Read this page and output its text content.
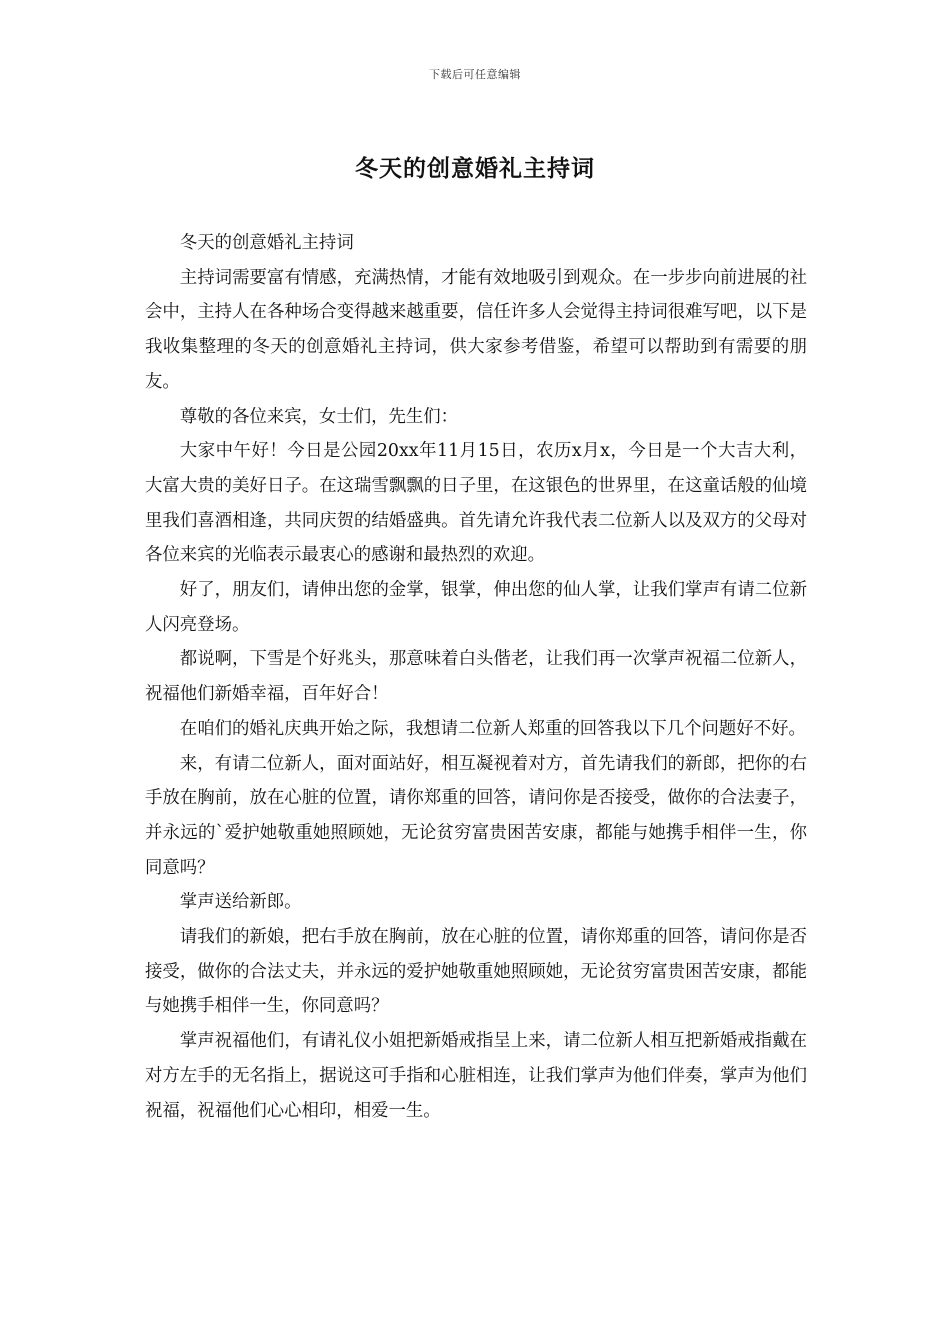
下载后可任意编辑
冬天的创意婚礼主持词

冬天的创意婚礼主持词

主持词需要富有情感，充满热情，才能有效地吸引到观众。在一步步向前进展的社会中，主持人在各种场合变得越来越重要，信任许多人会觉得主持词很难写吧，以下是我收集整理的冬天的创意婚礼主持词，供大家参考借鉴，希望可以帮助到有需要的朋友。

尊敬的各位来宾，女士们，先生们：

大家中午好！今日是公园20xx年11月15日，农历x月x，今日是一个大吉大利，大富大贵的美好日子。在这瑞雪飘飘的日子里，在这银色的世界里，在这童话般的仙境里我们喜酒相逢，共同庆贺的结婚盛典。首先请允许我代表二位新人以及双方的父母对各位来宾的光临表示最衷心的感谢和最热烈的欢迎。

好了，朋友们，请伸出您的金掌，银掌，伸出您的仙人掌，让我们掌声有请二位新人闪亮登场。

都说啊，下雪是个好兆头，那意味着白头偕老，让我们再一次掌声祝福二位新人，祝福他们新婚幸福，百年好合！

在咱们的婚礼庆典开始之际，我想请二位新人郑重的回答我以下几个问题好不好。

来，有请二位新人，面对面站好，相互凝视着对方，首先请我们的新郎，把你的右手放在胸前，放在心脏的位置，请你郑重的回答，请问你是否接受，做你的合法妻子，并永远的`爱护她敬重她照顾她，无论贫穷富贵困苦安康，都能与她携手相伴一生，你同意吗？

掌声送给新郎。

请我们的新娘，把右手放在胸前，放在心脏的位置，请你郑重的回答，请问你是否接受，做你的合法丈夫，并永远的爱护她敬重她照顾她，无论贫穷富贵困苦安康，都能与她携手相伴一生，你同意吗？

掌声祝福他们，有请礼仪小姐把新婚戒指呈上来，请二位新人相互把新婚戒指戴在对方左手的无名指上，据说这可手指和心脏相连，让我们掌声为他们伴奏，掌声为他们祝福，祝福他们心心相印，相爱一生。
